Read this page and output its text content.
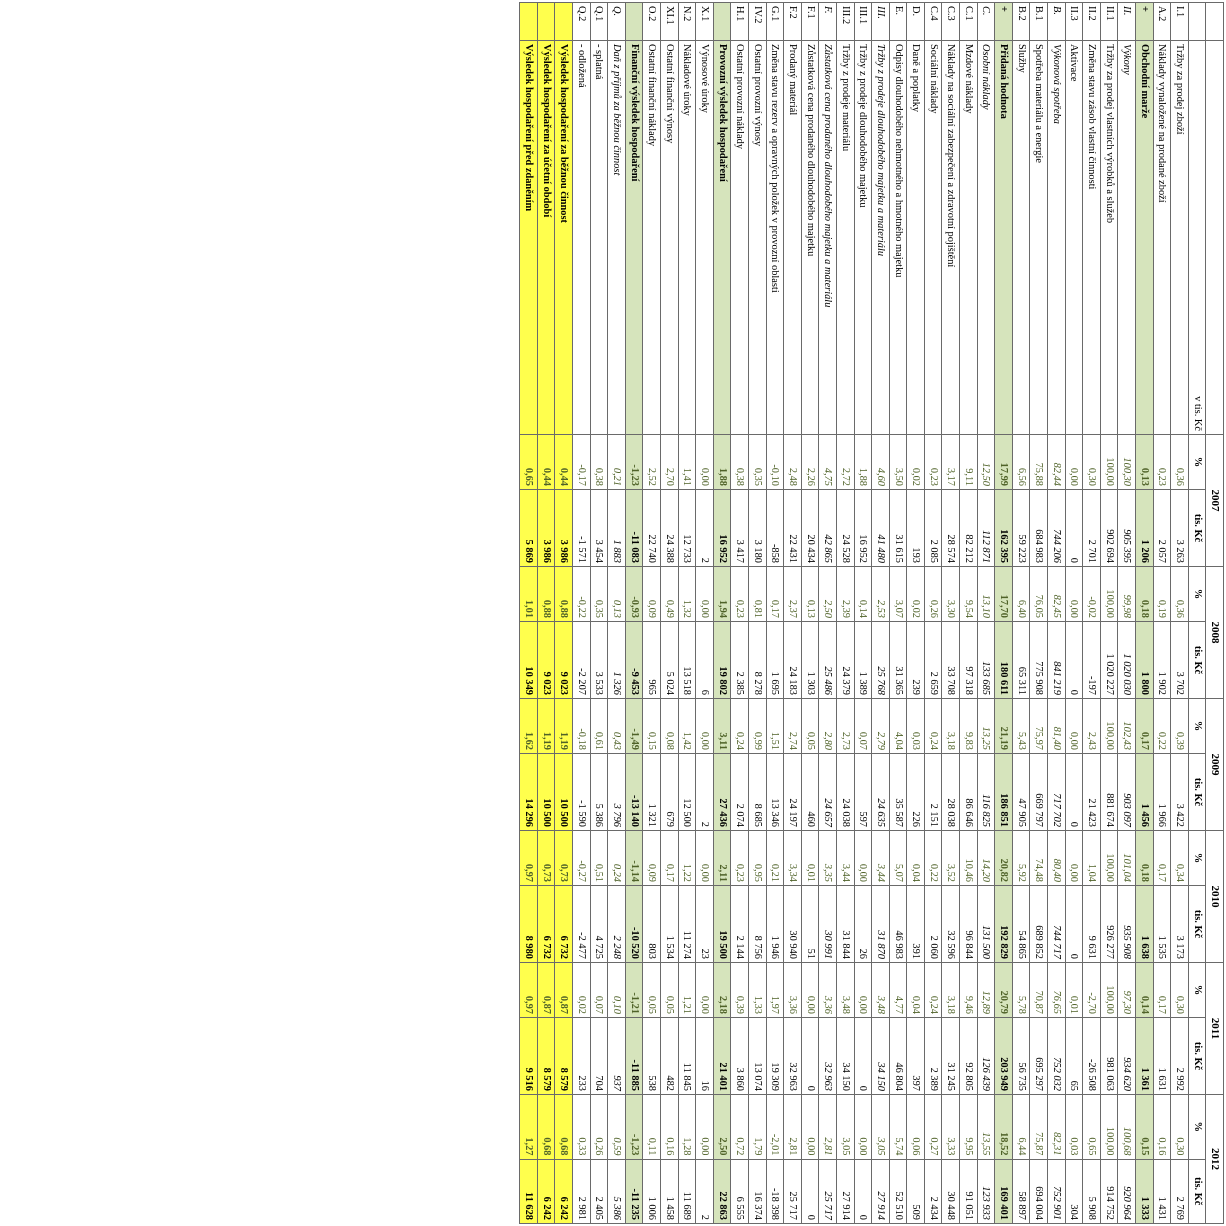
		2007		2008		2009		2010		2011		2012	
	v tis. Kč	%	tis. Kč	%	tis. Kč	%	tis. Kč	%	tis. Kč	%	tis. Kč	%	tis. Kč
I.1	Tržby za prodej zboží	0,36	3 263	0,36	3 702	0,39	3 422	0,34	3 173	0,30	2 992	0,30	2 769
A.2	Náklady vynaložené na prodané zboží	0,23	2 057	0,19	1 902	0,22	1 966	0,17	1 535	0,17	1 631	0,16	1 431
+	Obchodní marže	0,13	1 206	0,18	1 800	0,17	1 456	0,18	1 638	0,14	1 361	0,15	1 333
II.	Výkony	100,30	905 395	99,98	1 020 030	102,43	903 097	101,04	935 908	97,30	934 620	100,68	920 964
II.1	Tržby za prodej vlastních výrobků a služeb	100,00	902 694	100,00	1 020 227	100,00	881 674	100,00	926 277	100,00	981 063	100,00	914 752
II.2	Změna stavu zásob vlastní činnosti	0,30	2 701	-0,02	-197	2,43	21 423	1,04	9 631	-2,70	-26 508	0,65	5 908
II.3	Aktivace	0,00	0	0,00	0	0,00	0	0,00	0	0,01	65	0,03	304
B.	Výkonová spotřeba	82,44	744 206	82,45	841 219	81,40	717 702	80,40	744 717	76,65	752 032	82,31	752 901
B.1	Spotřeba materiálu a energie	75,88	684 983	76,05	775 908	75,97	669 797	74,48	689 852	70,87	695 297	75,87	694 004
B.2	Služby	6,56	59 223	6,40	65 311	5,43	47 905	5,92	54 865	5,78	56 735	6,44	58 897
+	Přidaná hodnota	17,99	162 395	17,70	180 611	21,19	186 851	20,82	192 829	20,79	203 949	18,52	169 401
C.	Osobní náklady	12,50	112 871	13,10	133 685	13,25	116 825	14,20	131 500	12,89	126 439	13,55	123 933
C.1	Mzdové náklady	9,11	82 212	9,54	97 318	9,83	86 646	10,46	96 844	9,46	92 805	9,95	91 051
C.3	Náklady na sociální zabezpečení a zdravotní pojištění	3,17	28 574	3,30	33 708	3,18	28 038	3,52	32 596	3,18	31 245	3,33	30 448
C.4	Sociální náklady	0,23	2 085	0,26	2 659	0,24	2 151	0,22	2 060	0,24	2 389	0,27	2 434
D.	Daně a poplatky	0,02	193	0,02	239	0,03	226	0,04	391	0,04	397	0,06	509
E.	Odpisy dlouhodobého nehmotného a hmotného majetku	3,50	31 615	3,07	31 365	4,04	35 587	5,07	46 983	4,77	46 804	5,74	52 510
III.	Tržby z prodeje dlouhodobého majetku a materiálu	4,60	41 480	2,53	25 768	2,79	24 635	3,44	31 870	3,48	34 150	3,05	27 914
III.1	Tržby z prodeje dlouhodobého majetku	1,88	16 952	0,14	1 389	0,07	597	0,00	26	0,00	0	0,00	0
III.2	Tržby z prodeje materiálu	2,72	24 528	2,39	24 379	2,73	24 038	3,44	31 844	3,48	34 150	3,05	27 914
F.	Zůstatková cena prodaného dlouhodobého majetku a materiálu	4,75	42 865	2,50	25 486	2,80	24 657	3,35	30 991	3,36	32 963	2,81	25 717
F.1	Zůstatková cena prodaného dlouhodobého majetku	2,26	20 434	0,13	1 303	0,05	460	0,01	51	0,00	0	0,00	0
F.2	Prodaný materiál	2,48	22 431	2,37	24 183	2,74	24 197	3,34	30 940	3,36	32 963	2,81	25 717
G.1	Změna stavu rezerv a opravných položek v provozní oblasti	-0,10	-858	0,17	1 695	1,51	13 346	0,21	1 946	1,97	19 309	-2,01	-18 398
IV.2	Ostatní provozní výnosy	0,35	3 180	0,81	8 278	0,99	8 685	0,95	8 756	1,33	13 074	1,79	16 374
H.1	Ostatní provozní náklady	0,38	3 417	0,23	2 385	0,24	2 074	0,23	2 144	0,39	3 860	0,72	6 555
	Provozní výsledek hospodaření	1,88	16 952	1,94	19 802	3,11	27 436	2,11	19 500	2,18	21 401	2,50	22 863
X.1	Výnosové úroky	0,00	2	0,00	6	0,00	2	0,00	23	0,00	16	0,00	2
N.2	Nákladové úroky	1,41	12 733	1,32	13 518	1,42	12 500	1,22	11 274	1,21	11 845	1,28	11 689
XI.1	Ostatní finanční výnosy	2,70	24 388	0,49	5 024	0,08	679	0,17	1 534	0,05	482	0,16	1 458
O.2	Ostatní finanční náklady	2,52	22 740	0,09	965	0,15	1 321	0,09	803	0,05	538	0,11	1 006
	Finanční výsledek hospodaření	-1,23	-11 083	-0,93	-9 453	-1,49	-13 140	-1,14	-10 520	-1,21	-11 885	-1,23	-11 235
Q.	Daň z příjmů za běžnou činnost	0,21	1 883	0,13	1 326	0,43	3 796	0,24	2 248	0,10	937	0,59	5 386
Q.1	- splatná	0,38	3 454	0,35	3 533	0,61	5 386	0,51	4 725	0,07	704	0,26	2 405
Q.2	- odložená	-0,17	-1 571	-0,22	-2 207	-0,18	-1 590	-0,27	-2 477	0,02	233	0,33	2 981
	Výsledek hospodaření za běžnou činnost	0,44	3 986	0,88	9 023	1,19	10 500	0,73	6 732	0,87	8 579	0,68	6 242
	Výsledek hospodaření za účetní období	0,44	3 986	0,88	9 023	1,19	10 500	0,73	6 732	0,87	8 579	0,68	6 242
	Výsledek hospodaření před zdaněním	0,65	5 869	1,01	10 349	1,62	14 296	0,97	8 980	0,97	9 516	1,27	11 628
